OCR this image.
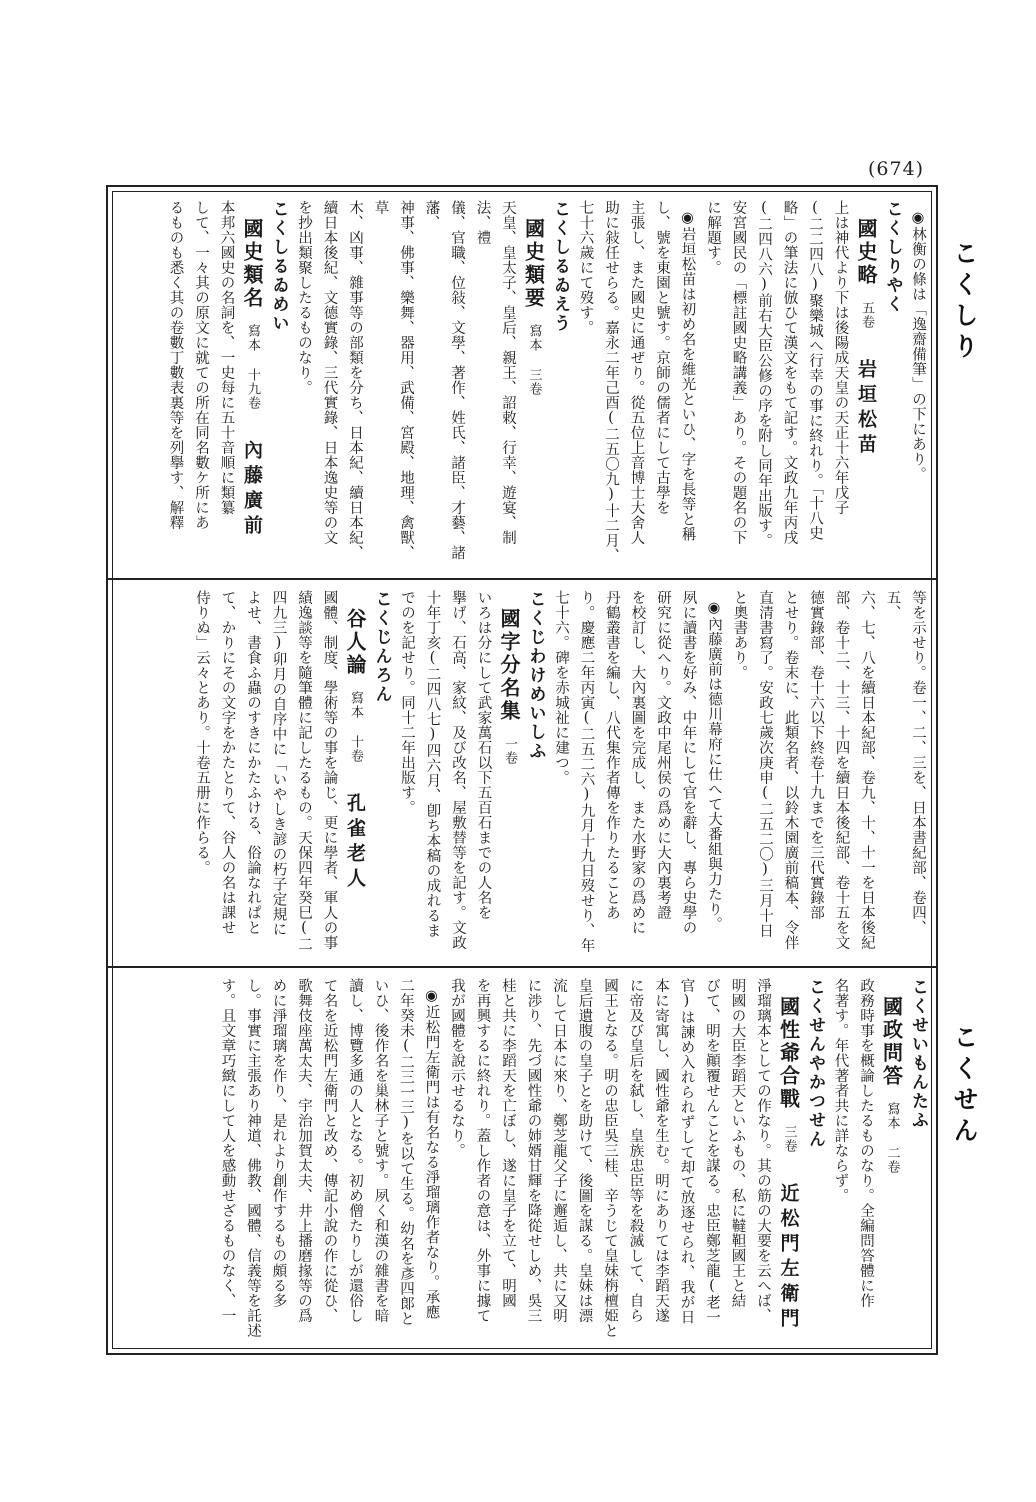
(674)
こくしり
こくせん
◉林衡の條は「逸齋備筆」の下にあり。
こくしりやく
國史略五卷岩垣松苗
上は神代より下は後陽成天皇の天正十六年戊子
(二二四八)聚樂城へ行幸の事に終れり。「十八史
略」の筆法に倣ひて漢文をもて記す。文政九年丙戌
(二四八六)前右大臣公修の序を附し同年出版す。
安宮國民の「標註國史略講義」あり。その題名の下
に解題す。
◉岩垣松苗は初め名を維光といひ、字を長等と稱
し、號を東園と號す。京師の儒者にして古學を
主張し、また國史に通ぜり。從五位上音博士大舍人
助に敍任せらる。嘉永二年己酉(二五〇九)十二月、
七十六歲にて歿す。
こくしるゐえう
國史類要寫本 三卷
天皇、皇太子、皇后、親王、詔敕、行幸、遊宴、制法、禮
儀、官職、位敍、文學、著作、姓氏、諸臣、才藝、諸藩、
神事、佛事、樂舞、器用、武備、宮殿、地理、禽獸、草
木、凶事、雜事等の部類を分ち、日本紀、續日本紀、
續日本後紀、文德實錄、三代實錄、日本逸史等の文
を抄出類聚したるものなり。
こくしるゐめい
國史類名寫本 十九卷內藤廣前
本邦六國史の名詞を、一史每に五十音順に類纂
して、一々其の原文に就ての所在同名數ケ所にあ
るものも悉く其の卷數丁數表裏等を列擧す、解釋
等を示せり。卷一、二、三を、日本書紀部、卷四、五、
六、七、八を續日本紀部、卷九、十、十一を日本後紀
部、卷十二、十三、十四を續日本後紀部、卷十五を文
德實錄部、卷十六以下終卷十九までを三代實錄部
とせり。卷末に、此類名者、以鈴木園廣前稿本、令伴
直清書寫了。安政七歲次庚申(二五二〇)三月十日
と奧書あり。
◉內藤廣前は德川幕府に仕へて大番組與力たり。
夙に讀書を好み、中年にして官を辭し、專ら史學の
研究に從へり。文政中尾州侯の爲めに大內裏考證
を校訂し、大內裏圖を完成し、また水野家の爲めに
丹鶴叢書を編し、八代集作者傳を作りたることあ
り。慶應二年丙寅(二五二六)九月十九日歿せり、年
七十六。碑を赤城祉に建つ。
こくじわけめいしふ
國字分名集一卷
いろは分にして武家萬石以下五百石までの人名を
擧げ、石高、家紋、及び改名、屋敷替等を記す。文政
十年丁亥(二四八七)四六月、卽ち本稿の成れるま
でのを記せり。同十二年出版す。
こくじんろん
谷人論寫本 十卷孔雀老人
國體、制度、學術等の事を論じ、更に學者、軍人の事
績逸談等を隨筆體に記したるもの。天保四年癸巳(二
四九三)卯月の自序中に「いやしき諺の朽子定規に
よせ、書食ふ蟲のすきにかたふける、俗論なれぱと
て、かりにその文字をかたとりて、谷人の名は課せ
侍りぬ」云々とあり。十卷五册に作らる。
こくせいもんたふ
國政問答寫本 二卷
政務時事を概論したるものなり。全編問答體に作
名著す。年代著者共に詳ならず。
こくせんやかつせん
國性爺合戰三卷近松門左衛門
淨瑠璃本としての作なり。其の筋の大要を云へば、
明國の大臣李蹈天といふもの、私に韃靼國王と結
びて、明を顚覆せんことを謀る。忠臣鄭芝龍(老一
官)は諫め入れられずして却て放逐せられ、我が日
本に寄寓し、國性爺を生む。明にありては李蹈天遂
に帝及び皇后を弑し、皇族忠臣等を殺滅して、自ら
國王となる。明の忠臣吳三桂、辛うじて皇妹栴檀姫と
皇后遺腹の皇子とを助けて、後圖を謀る。皇妹は漂
流して日本に來り、鄭芝龍父子に邂逅し、共に又明
に渉り、先づ國性爺の姉婿甘輝を降從せしめ、吳三
桂と共に李蹈天を亡ぼし、遂に皇子を立て、明國
を再興するに終れり。蓋し作者の意は、外事に據て
我が國體を說示せるなり。
◉近松門左衛門は有名なる淨瑠璃作者なり。承應
二年癸未(二三一三)を以て生る。幼名を彥四郞と
いひ、後作名を巢林子と號す。夙く和漢の雜書を暗
讀し、博覽多通の人となる。初め僧たりしが還俗し
て名を近松門左衛門と改め、傳記小說の作に從ひ、
歌舞伎座萬太夫、宇治加賀太夫、井上播磨掾等の爲
めに淨瑠璃を作り、是れより創作するもの頗る多
し。事實に主張あり神道、佛教、國體、信義等を託述
す。且文章巧緻にして人を感動せざるものなく、一
